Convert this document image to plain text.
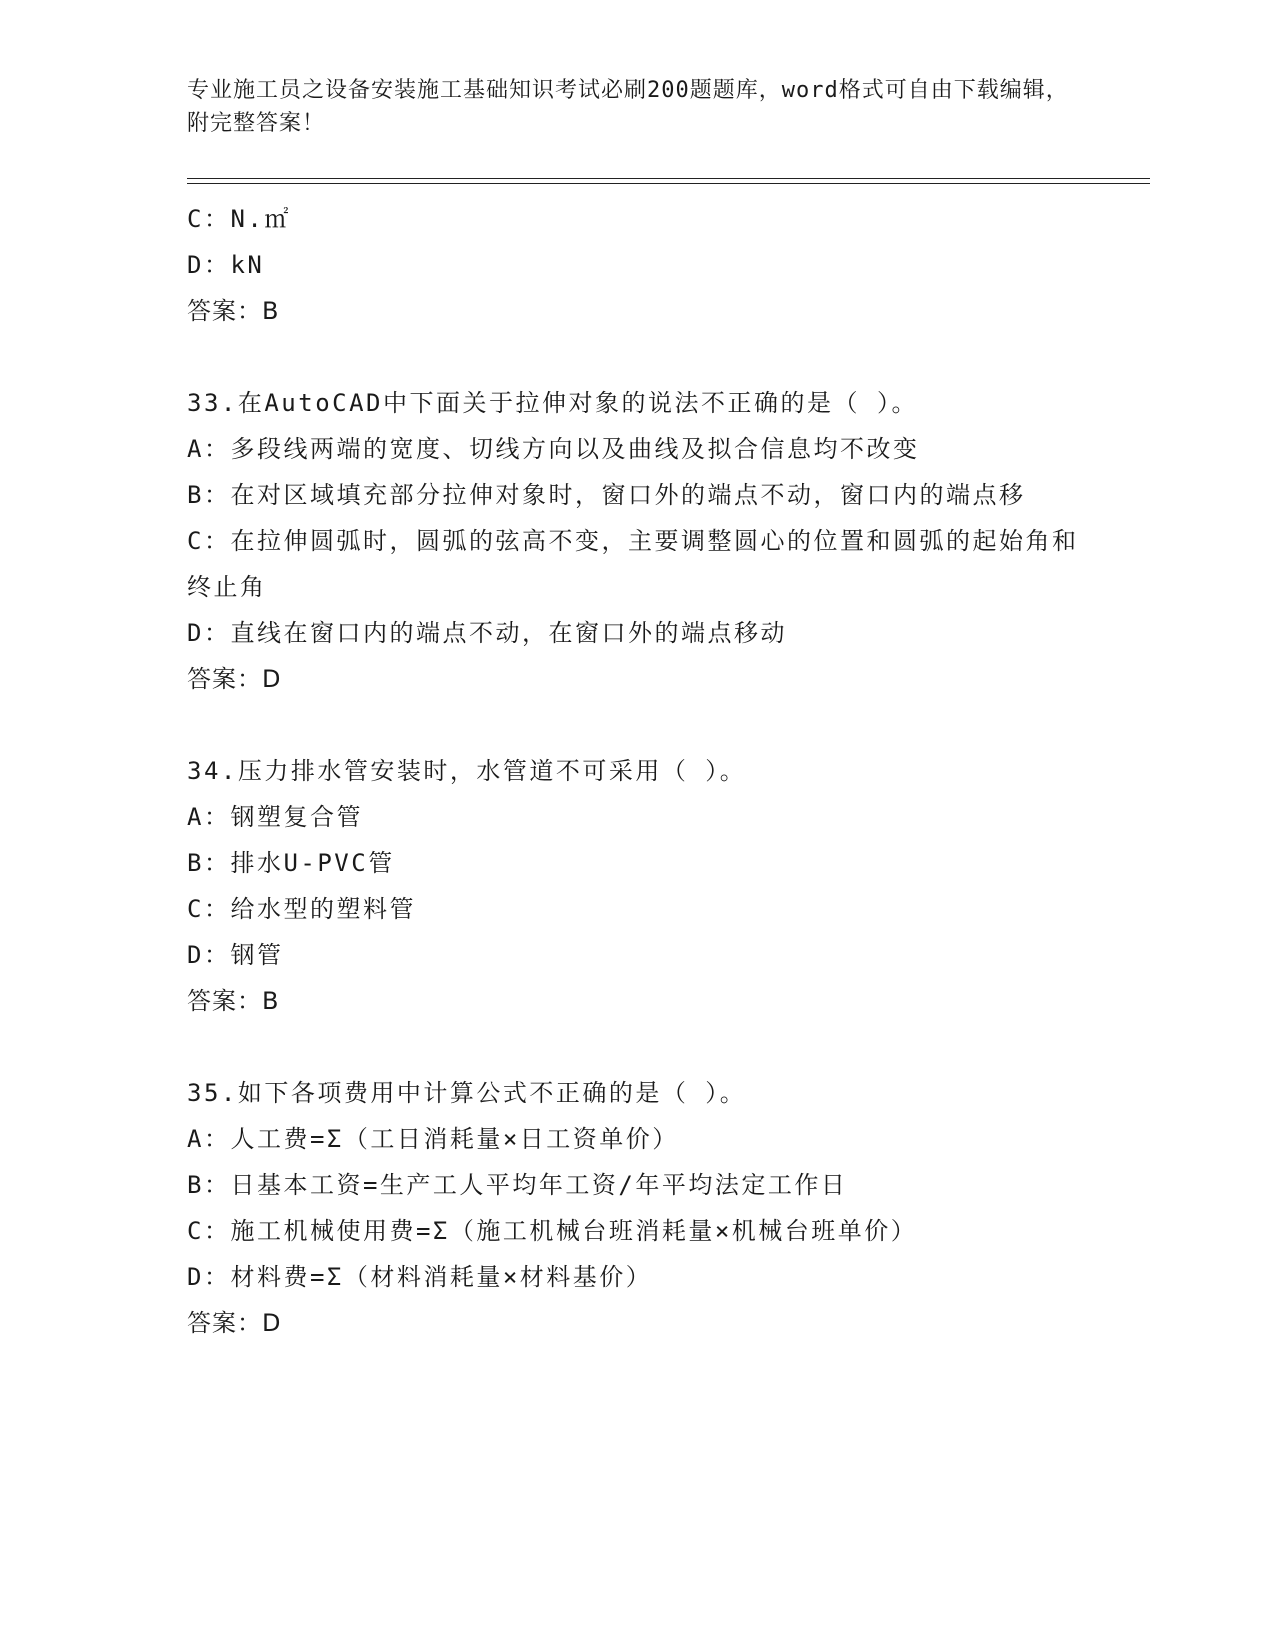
专业施工员之设备安装施工基础知识考试必刷200题题库，word格式可自由下载编辑，附完整答案！
C：N.㎡
D：kN
答案：B
33.在AutoCAD中下面关于拉伸对象的说法不正确的是（ ）。
A：多段线两端的宽度、切线方向以及曲线及拟合信息均不改变
B：在对区域填充部分拉伸对象时，窗口外的端点不动，窗口内的端点移
C：在拉伸圆弧时，圆弧的弦高不变，主要调整圆心的位置和圆弧的起始角和终止角
D：直线在窗口内的端点不动，在窗口外的端点移动
答案：D
34.压力排水管安装时，水管道不可采用（ ）。
A：钢塑复合管
B：排水U-PVC管
C：给水型的塑料管
D：钢管
答案：B
35.如下各项费用中计算公式不正确的是（ ）。
A：人工费=Σ（工日消耗量×日工资单价）
B：日基本工资=生产工人平均年工资/年平均法定工作日
C：施工机械使用费=Σ（施工机械台班消耗量×机械台班单价）
D：材料费=Σ（材料消耗量×材料基价）
答案：D
